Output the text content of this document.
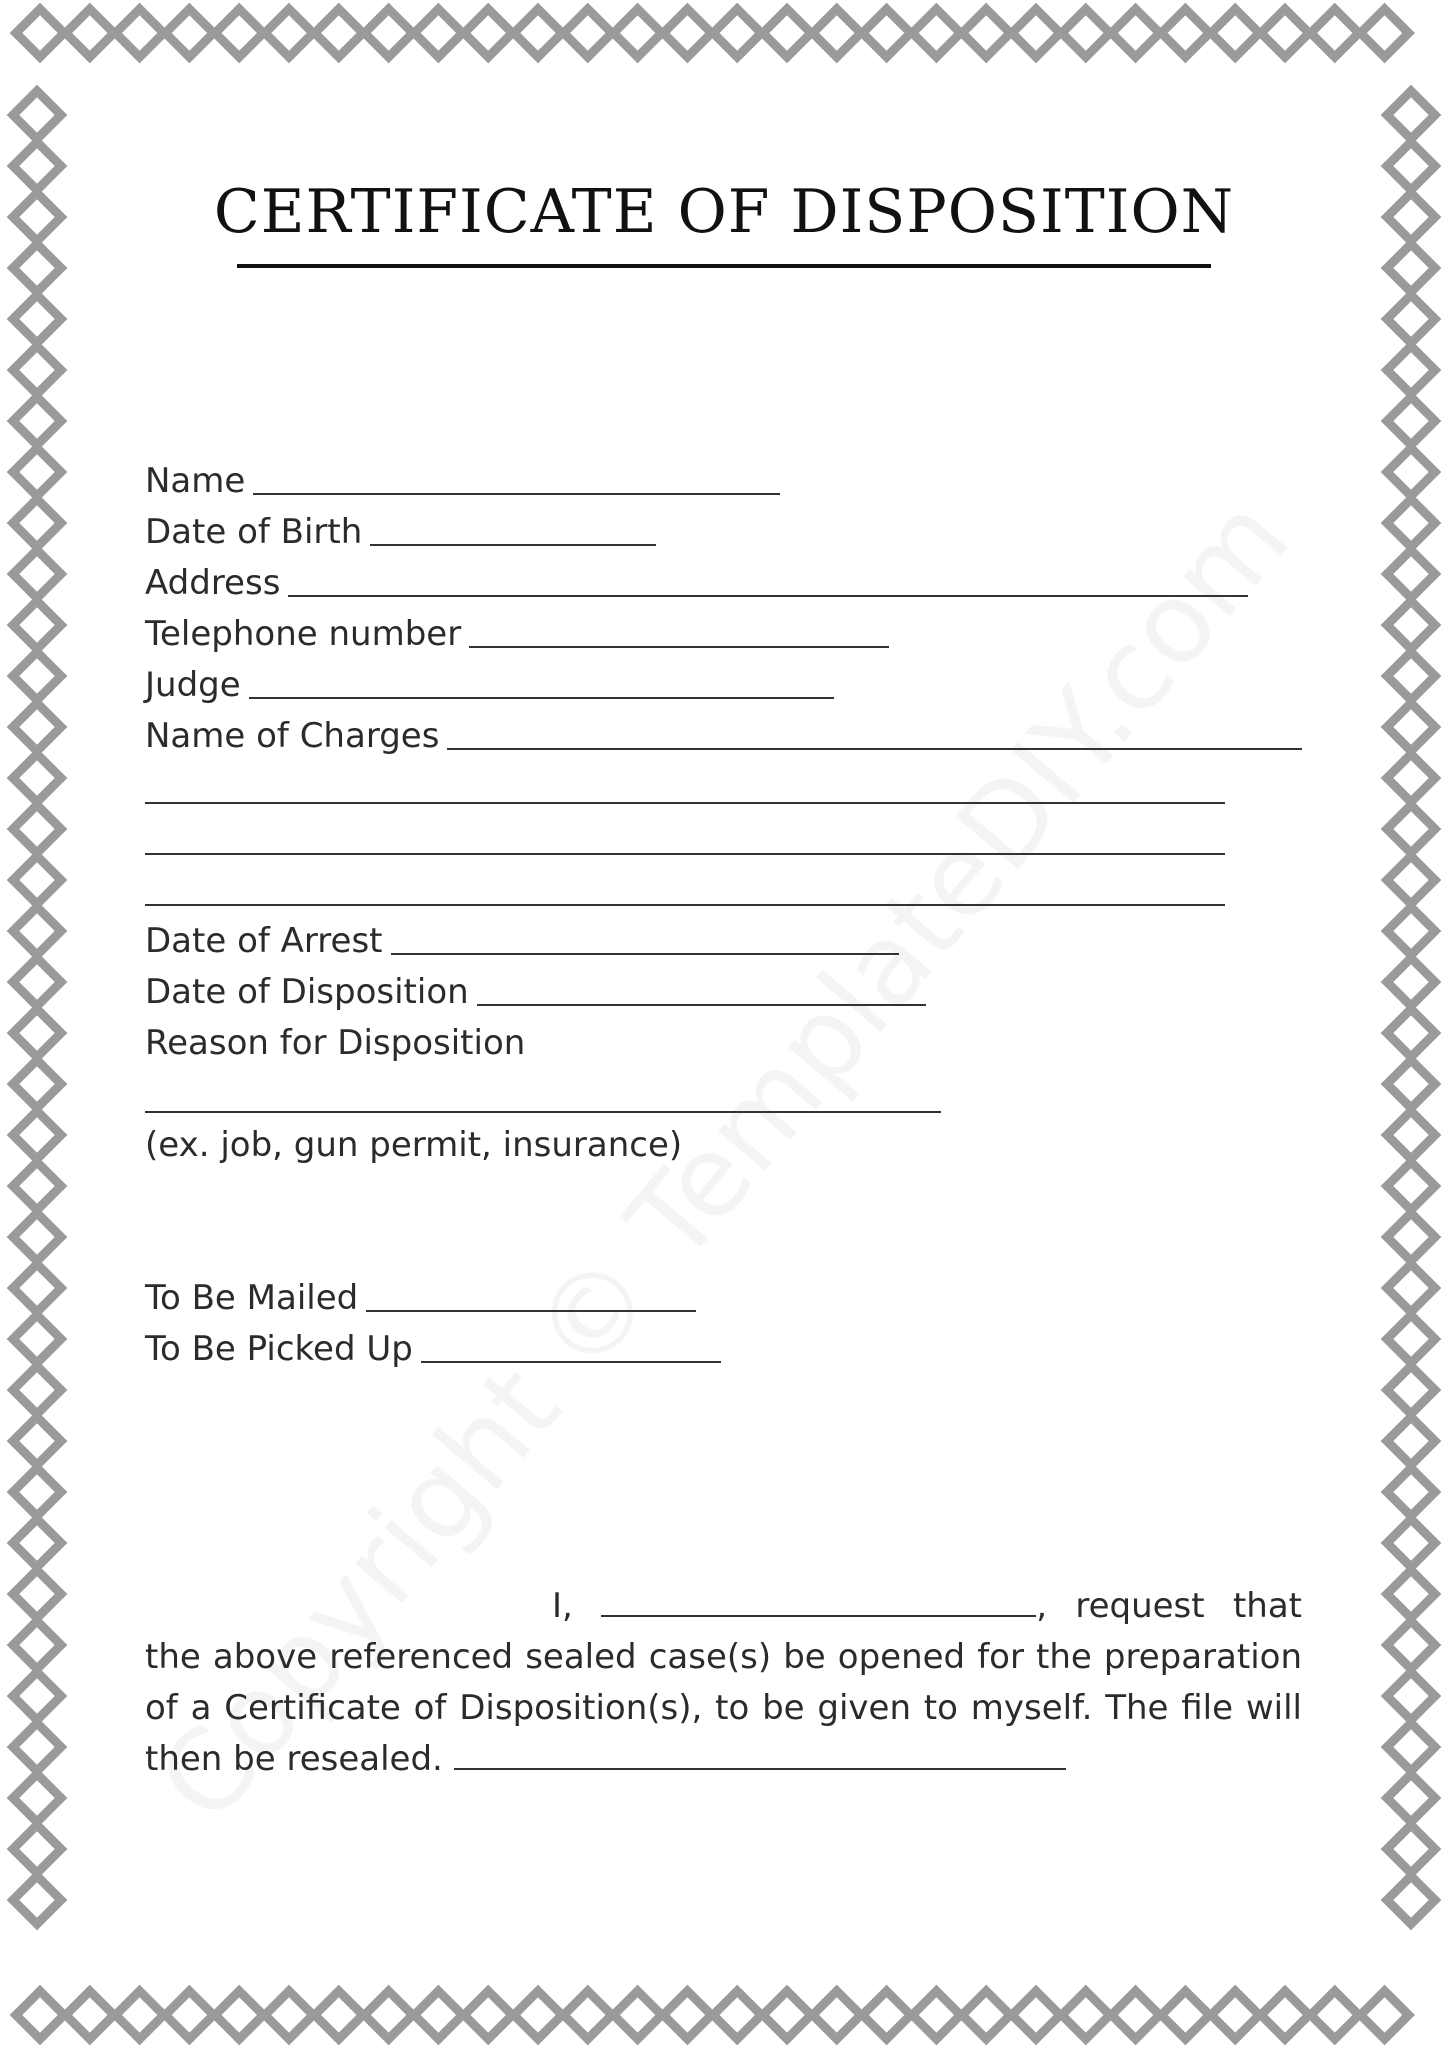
CERTIFICATE OF DISPOSITION
Name
Date of Birth
Address
Telephone number
Judge
Name of Charges
Date of Arrest
Date of Disposition
Reason for Disposition
(ex. job, gun permit, insurance)
To Be Mailed
To Be Picked Up
I,	, request that the above referenced sealed case(s) be opened for the preparation of a Certificate of Disposition(s), to be given to myself. The file will then be resealed.
